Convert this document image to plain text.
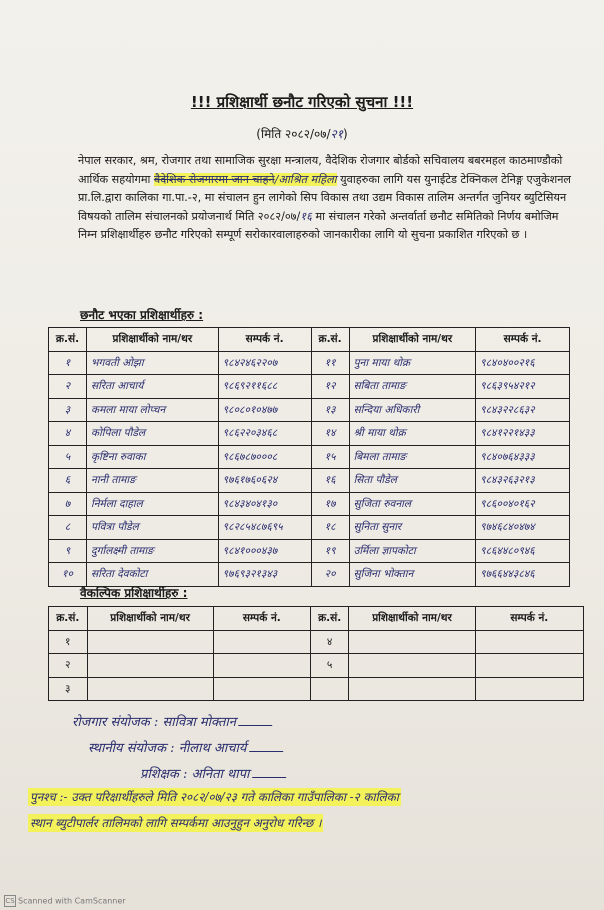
!!! प्रशिक्षार्थी छनौट गरिएको सुचना !!!
(मिति २०८२/०७/२१)
नेपाल सरकार, श्रम, रोजगार तथा सामाजिक सुरक्षा मन्त्रालय, वैदेशिक रोजगार बोर्डको सचिवालय बबरमहल काठमाण्डौको आर्थिक सहयोगमा वैदेशिक रोजगारमा जान चाहने/आश्रित महिला युवाहरुका लागि यस युनाईटेड टेक्निकल टेनिङ्ग एजुकेशनल प्रा.लि.द्वारा कालिका गा.पा.-२, मा संचालन हुन लागेको सिप विकास तथा उद्यम विकास तालिम अन्तर्गत जुनियर ब्युटिसियन विषयको तालिम संचालनको प्रयोजनार्थ मिति २०८२/०७/१६ मा संचालन गरेको अन्तर्वार्ता छनौट समितिको निर्णय बमोजिम निम्न प्रशिक्षार्थीहरु छनौट गरिएको सम्पूर्ण सरोकारवालाहरुको जानकारीका लागि यो सुचना प्रकाशित गरिएको छ ।
छनौट भएका प्रशिक्षार्थीहरु :
क्र.सं.	प्रशिक्षार्थीको नाम/थर	सम्पर्क नं.	क्र.सं.	प्रशिक्षार्थीको नाम/थर	सम्पर्क नं.
१	भगवती ओझा	९८४२४६२२०७	११	पुना माया थोक्र	९८४०४००२१६
२	सरिता आचार्य	९८६९२११६८८	१२	सबिता तामाङ	९८६३९५४२१२
३	कमला माया लोप्चन	९८०८०१०४७७	१३	सन्दिया अधिकारी	९८४३२२८६३२
४	कोपिला पौडेल	९८६२२०३४६८	१४	श्री माया थोक्र	९८४१२२१४३३
५	कृष्टिना रुवाका	९८६७८७०००८	१५	बिमला तामाङ	९८४०७६४३३३
६	नानी तामाङ	९७६१७६०६२४	१६	सिता पौडेल	९८४३२६३२१३
७	निर्मला दाहाल	९८४३४०४१३०	१७	सुजिता रुवनाल	९८६००४०१६२
८	पवित्रा पौडेल	९८२८५४८७६९५	१८	सुनिता सुनार	९७४६८४०४७४
९	दुर्गालक्ष्मी तामाङ	९८४१०००४३७	१९	उर्मिला ज्ञापकोटा	९८६४४८०९४६
१०	सरिता देवकोटा	९७६९३२१३४३	२०	सुजिना भोक्तान	९७६६४४३८४६
वैकल्पिक प्रशिक्षार्थीहरु :
क्र.सं.	प्रशिक्षार्थीको नाम/थर	सम्पर्क नं.	क्र.सं.	प्रशिक्षार्थीको नाम/थर	सम्पर्क नं.
१			४		
२			५		
३					
रोजगार संयोजक : सावित्रा मोक्तान
स्थानीय संयोजक : नीलाथ आचार्य
प्रशिक्षक : अनिता थापा
पुनश्च :- उक्त परिक्षार्थीहरुले मिति २०८२/०७/२३ गते कालिका गाउँपालिका -२ कालिका
स्थान ब्युटीपार्लर तालिमको लागि सम्पर्कमा आउनुहुन अनुरोध गरिन्छ ।
CS Scanned with CamScanner
